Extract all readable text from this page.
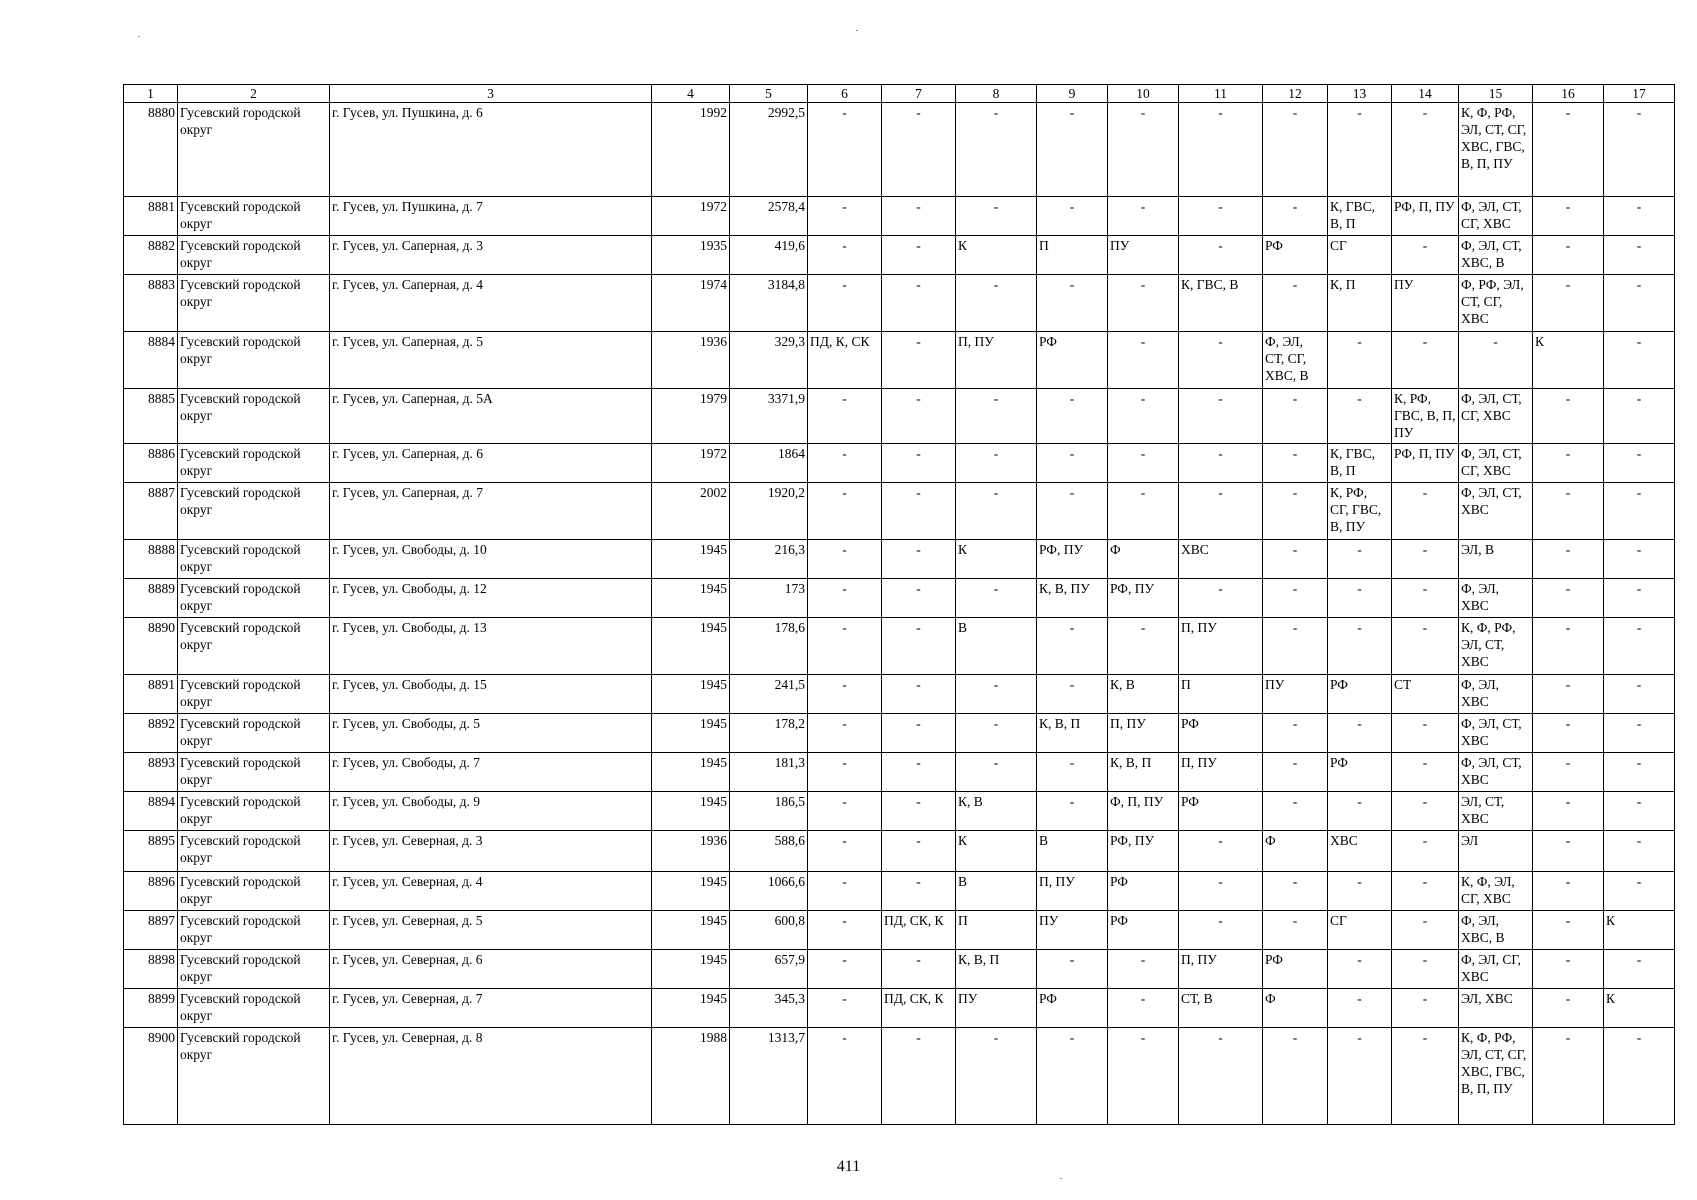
1	2	3	4	5	6	7	8	9	10	11	12	13	14	15	16	17
8880	Гусевский городской округ	г. Гусев, ул. Пушкина, д. 6	1992	2992,5	-	-	-	-	-	-	-	-	-	К, Ф, РФ, ЭЛ, СТ, СГ, ХВС, ГВС, В, П, ПУ	-	-
8881	Гусевский городской округ	г. Гусев, ул. Пушкина, д. 7	1972	2578,4	-	-	-	-	-	-	-	К, ГВС, В, П	РФ, П, ПУ	Ф, ЭЛ, СТ, СГ, ХВС	-	-
8882	Гусевский городской округ	г. Гусев, ул. Саперная, д. 3	1935	419,6	-	-	К	П	ПУ	-	РФ	СГ	-	Ф, ЭЛ, СТ, ХВС, В	-	-
8883	Гусевский городской округ	г. Гусев, ул. Саперная, д. 4	1974	3184,8	-	-	-	-	-	К, ГВС, В	-	К, П	ПУ	Ф, РФ, ЭЛ, СТ, СГ, ХВС	-	-
8884	Гусевский городской округ	г. Гусев, ул. Саперная, д. 5	1936	329,3	ПД, К, СК	-	П, ПУ	РФ	-	-	Ф, ЭЛ, СТ, СГ, ХВС, В	-	-	-	К	-
8885	Гусевский городской округ	г. Гусев, ул. Саперная, д. 5А	1979	3371,9	-	-	-	-	-	-	-	-	К, РФ, ГВС, В, П, ПУ	Ф, ЭЛ, СТ, СГ, ХВС	-	-
8886	Гусевский городской округ	г. Гусев, ул. Саперная, д. 6	1972	1864	-	-	-	-	-	-	-	К, ГВС, В, П	РФ, П, ПУ	Ф, ЭЛ, СТ, СГ, ХВС	-	-
8887	Гусевский городской округ	г. Гусев, ул. Саперная, д. 7	2002	1920,2	-	-	-	-	-	-	-	К, РФ, СГ, ГВС, В, ПУ	-	Ф, ЭЛ, СТ, ХВС	-	-
8888	Гусевский городской округ	г. Гусев, ул. Свободы, д. 10	1945	216,3	-	-	К	РФ, ПУ	Ф	ХВС	-	-	-	ЭЛ, В	-	-
8889	Гусевский городской округ	г. Гусев, ул. Свободы, д. 12	1945	173	-	-	-	К, В, ПУ	РФ, ПУ	-	-	-	-	Ф, ЭЛ, ХВС	-	-
8890	Гусевский городской округ	г. Гусев, ул. Свободы, д. 13	1945	178,6	-	-	В	-	-	П, ПУ	-	-	-	К, Ф, РФ, ЭЛ, СТ, ХВС	-	-
8891	Гусевский городской округ	г. Гусев, ул. Свободы, д. 15	1945	241,5	-	-	-	-	К, В	П	ПУ	РФ	СТ	Ф, ЭЛ, ХВС	-	-
8892	Гусевский городской округ	г. Гусев, ул. Свободы, д. 5	1945	178,2	-	-	-	К, В, П	П, ПУ	РФ	-	-	-	Ф, ЭЛ, СТ, ХВС	-	-
8893	Гусевский городской округ	г. Гусев, ул. Свободы, д. 7	1945	181,3	-	-	-	-	К, В, П	П, ПУ	-	РФ	-	Ф, ЭЛ, СТ, ХВС	-	-
8894	Гусевский городской округ	г. Гусев, ул. Свободы, д. 9	1945	186,5	-	-	К, В	-	Ф, П, ПУ	РФ	-	-	-	ЭЛ, СТ, ХВС	-	-
8895	Гусевский городской округ	г. Гусев, ул. Северная, д. 3	1936	588,6	-	-	К	В	РФ, ПУ	-	Ф	ХВС	-	ЭЛ	-	-
8896	Гусевский городской округ	г. Гусев, ул. Северная, д. 4	1945	1066,6	-	-	В	П, ПУ	РФ	-	-	-	-	К, Ф, ЭЛ, СГ, ХВС	-	-
8897	Гусевский городской округ	г. Гусев, ул. Северная, д. 5	1945	600,8	-	ПД, СК, К	П	ПУ	РФ	-	-	СГ	-	Ф, ЭЛ, ХВС, В	-	К
8898	Гусевский городской округ	г. Гусев, ул. Северная, д. 6	1945	657,9	-	-	К, В, П	-	-	П, ПУ	РФ	-	-	Ф, ЭЛ, СГ, ХВС	-	-
8899	Гусевский городской округ	г. Гусев, ул. Северная, д. 7	1945	345,3	-	ПД, СК, К	ПУ	РФ	-	СТ, В	Ф	-	-	ЭЛ, ХВС	-	К
8900	Гусевский городской округ	г. Гусев, ул. Северная, д. 8	1988	1313,7	-	-	-	-	-	-	-	-	-	К, Ф, РФ, ЭЛ, СТ, СГ, ХВС, ГВС, В, П, ПУ	-	-
411
